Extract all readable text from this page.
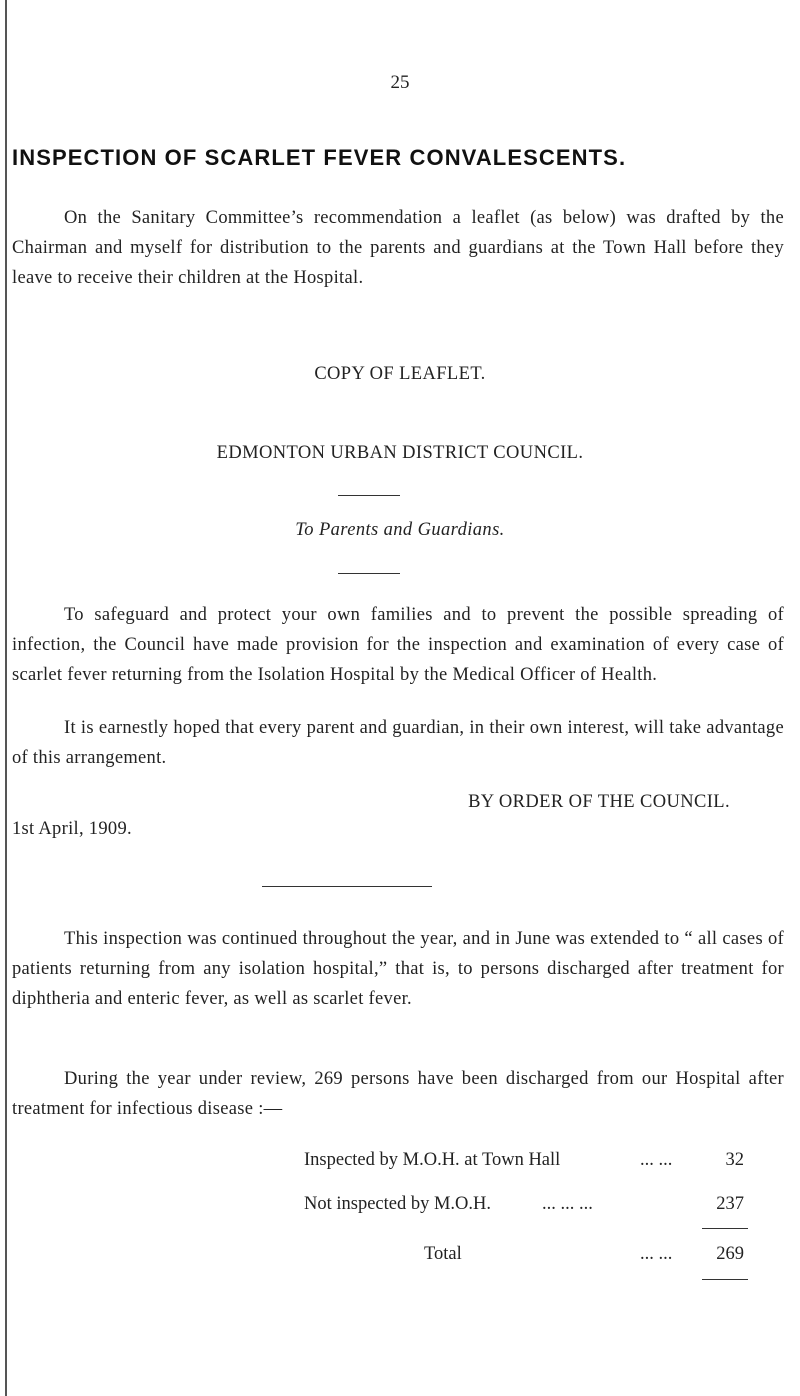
25
INSPECTION OF SCARLET FEVER CONVALESCENTS.
On the Sanitary Committee’s recommendation a leaflet (as below) was drafted by the Chairman and myself for distribution to the parents and guardians at the Town Hall before they leave to receive their children at the Hospital.
COPY OF LEAFLET.
EDMONTON URBAN DISTRICT COUNCIL.
To Parents and Guardians.
To safeguard and protect your own families and to prevent the possible spreading of infection, the Council have made provision for the inspection and examination of every case of scarlet fever returning from the Isolation Hospital by the Medical Officer of Health.
It is earnestly hoped that every parent and guardian, in their own interest, will take advantage of this arrangement.
BY ORDER OF THE COUNCIL.
1st April, 1909.
This inspection was continued throughout the year, and in June was extended to “ all cases of patients returning from any isolation hospital,” that is, to persons discharged after treatment for diphtheria and enteric fever, as well as scarlet fever.
During the year under review, 269 persons have been discharged from our Hospital after treatment for infectious disease :—
Inspected by M.O.H. at Town Hall	... ...	32
Not inspected by M.O.H.	... ... ...	237
Total	... ... 269
